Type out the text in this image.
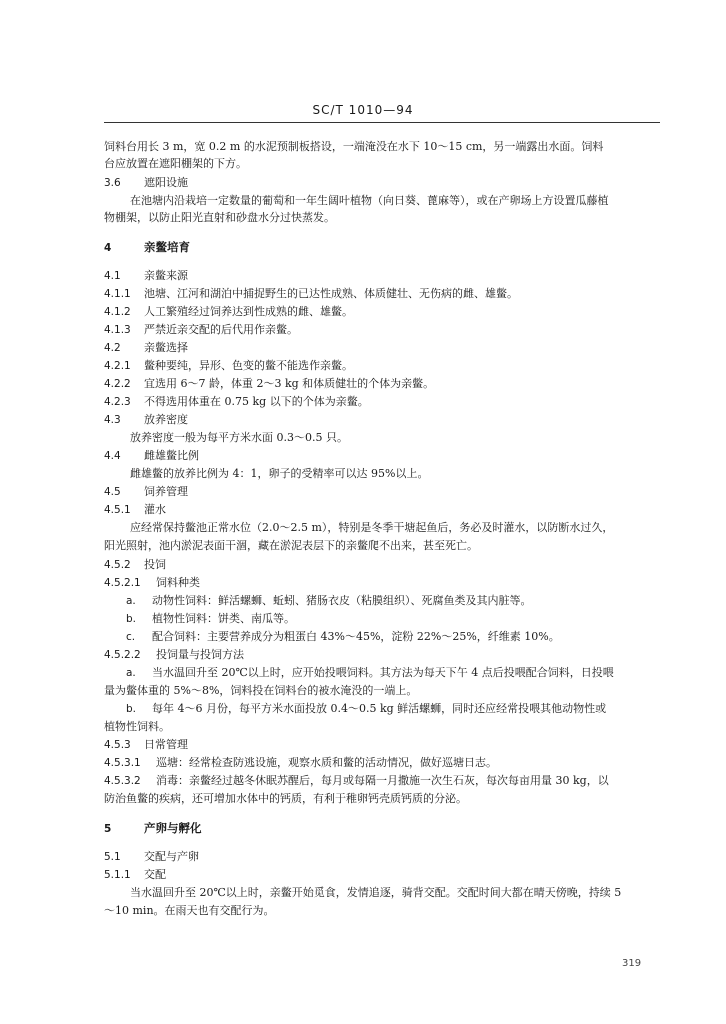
SC/T 1010—94
饲料台用长 3 m，宽 0.2 m 的水泥预制板搭设，一端淹没在水下 10～15 cm，另一端露出水面。饲料
台应放置在遮阳棚架的下方。
3.6 遮阳设施
在池塘内沿栽培一定数量的葡萄和一年生阔叶植物（向日葵、蓖麻等），或在产卵场上方设置瓜藤植
物棚架，以防止阳光直射和砂盘水分过快蒸发。
4	亲鳖培育
4.1 亲鳖来源
4.1.1 池塘、江河和湖泊中捕捉野生的已达性成熟、体质健壮、无伤病的雌、雄鳖。
4.1.2 人工繁殖经过饲养达到性成熟的雌、雄鳖。
4.1.3 严禁近亲交配的后代用作亲鳖。
4.2 亲鳖选择
4.2.1 鳖种要纯，异形、色变的鳖不能选作亲鳖。
4.2.2 宜选用 6～7 龄，体重 2～3 kg 和体质健壮的个体为亲鳖。
4.2.3 不得选用体重在 0.75 kg 以下的个体为亲鳖。
4.3 放养密度
放养密度一般为每平方米水面 0.3～0.5 只。
4.4 雌雄鳖比例
雌雄鳖的放养比例为 4：1，卵子的受精率可以达 95%以上。
4.5 饲养管理
4.5.1 灌水
应经常保持鳖池正常水位（2.0～2.5 m），特别是冬季干塘起鱼后，务必及时灌水，以防断水过久，
阳光照射，池内淤泥表面干涸，藏在淤泥表层下的亲鳖爬不出来，甚至死亡。
4.5.2 投饲
4.5.2.1 饲料种类
a. 动物性饲料：鲜活螺蛳、蚯蚓、猪肠衣皮（粘膜组织）、死腐鱼类及其内脏等。
b. 植物性饲料：饼类、南瓜等。
c. 配合饲料：主要营养成分为粗蛋白 43%～45%，淀粉 22%～25%，纤维素 10%。
4.5.2.2 投饲量与投饲方法
a. 当水温回升至 20℃以上时，应开始投喂饲料。其方法为每天下午 4 点后投喂配合饲料，日投喂
量为鳖体重的 5%～8%，饲料投在饲料台的被水淹没的一端上。
b. 每年 4～6 月份，每平方米水面投放 0.4～0.5 kg 鲜活螺蛳，同时还应经常投喂其他动物性或
植物性饲料。
4.5.3 日常管理
4.5.3.1 巡塘：经常检查防逃设施，观察水质和鳖的活动情况，做好巡塘日志。
4.5.3.2 消毒：亲鳖经过越冬休眠苏醒后，每月或每隔一月撒施一次生石灰，每次每亩用量 30 kg，以
防治鱼鳖的疾病，还可增加水体中的钙质，有利于稚卵钙壳质钙质的分泌。
5	产卵与孵化
5.1 交配与产卵
5.1.1 交配
当水温回升至 20℃以上时，亲鳖开始觅食，发情追逐，骑背交配。交配时间大都在晴天傍晚，持续 5
～10 min。在雨天也有交配行为。
319
